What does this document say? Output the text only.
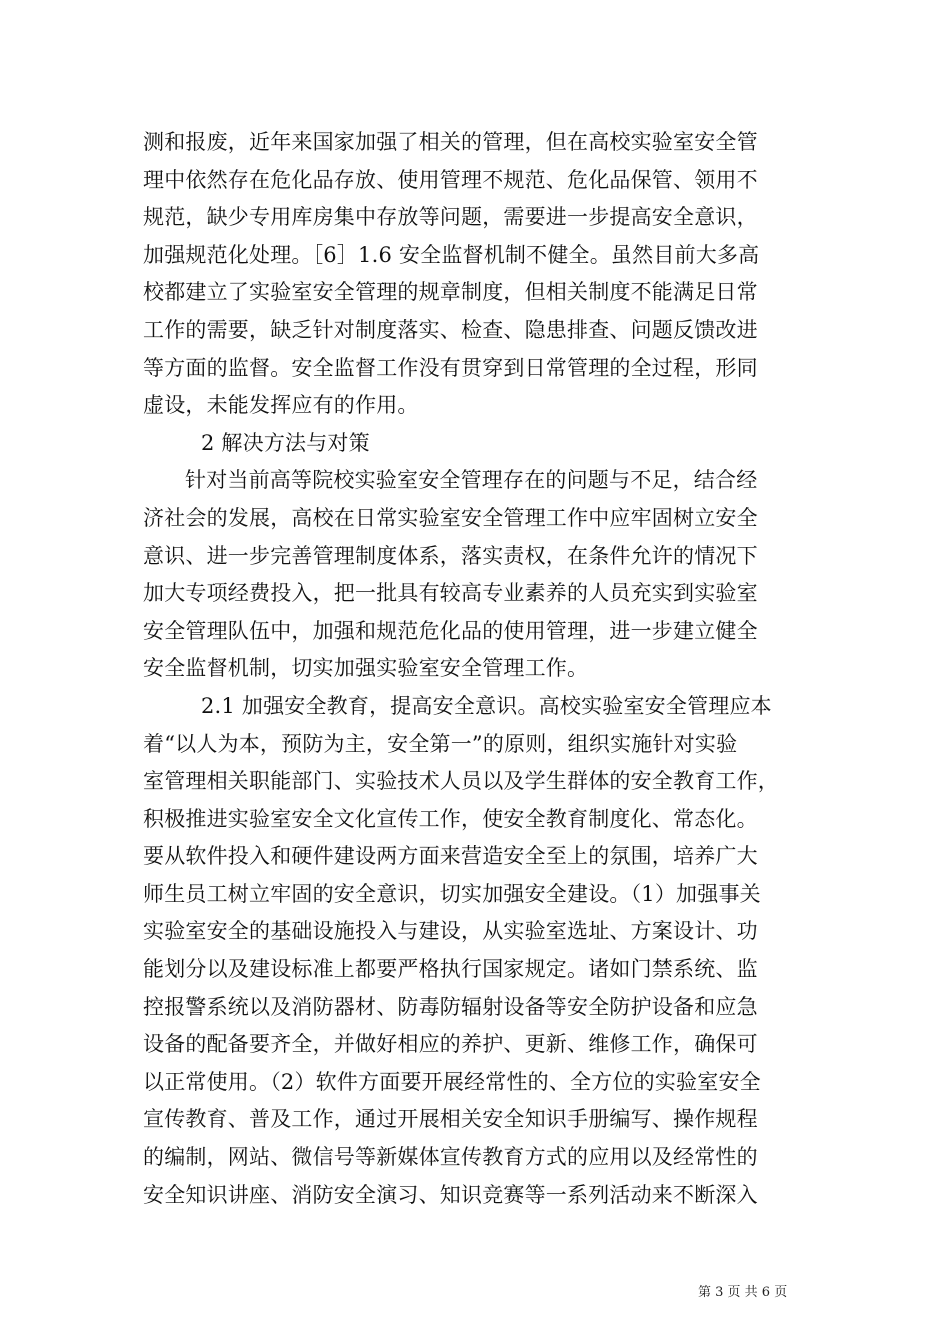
测和报废，近年来国家加强了相关的管理，但在高校实验室安全管
理中依然存在危化品存放、使用管理不规范、危化品保管、领用不
规范，缺少专用库房集中存放等问题，需要进一步提高安全意识，
加强规范化处理。［6］1.6 安全监督机制不健全。虽然目前大多高
校都建立了实验室安全管理的规章制度，但相关制度不能满足日常
工作的需要，缺乏针对制度落实、检查、隐患排查、问题反馈改进
等方面的监督。安全监督工作没有贯穿到日常管理的全过程，形同
虚设，未能发挥应有的作用。
2 解决方法与对策
针对当前高等院校实验室安全管理存在的问题与不足，结合经
济社会的发展，高校在日常实验室安全管理工作中应牢固树立安全
意识、进一步完善管理制度体系，落实责权，在条件允许的情况下
加大专项经费投入，把一批具有较高专业素养的人员充实到实验室
安全管理队伍中，加强和规范危化品的使用管理，进一步建立健全
安全监督机制，切实加强实验室安全管理工作。
2.1 加强安全教育，提高安全意识。高校实验室安全管理应本
着“以人为本，预防为主，安全第一”的原则，组织实施针对实验
室管理相关职能部门、实验技术人员以及学生群体的安全教育工作，
积极推进实验室安全文化宣传工作，使安全教育制度化、常态化。
要从软件投入和硬件建设两方面来营造安全至上的氛围，培养广大
师生员工树立牢固的安全意识，切实加强安全建设。（1）加强事关
实验室安全的基础设施投入与建设，从实验室选址、方案设计、功
能划分以及建设标准上都要严格执行国家规定。诸如门禁系统、监
控报警系统以及消防器材、防毒防辐射设备等安全防护设备和应急
设备的配备要齐全，并做好相应的养护、更新、维修工作，确保可
以正常使用。（2）软件方面要开展经常性的、全方位的实验室安全
宣传教育、普及工作，通过开展相关安全知识手册编写、操作规程
的编制，网站、微信号等新媒体宣传教育方式的应用以及经常性的
安全知识讲座、消防安全演习、知识竞赛等一系列活动来不断深入
第 3 页 共 6 页
